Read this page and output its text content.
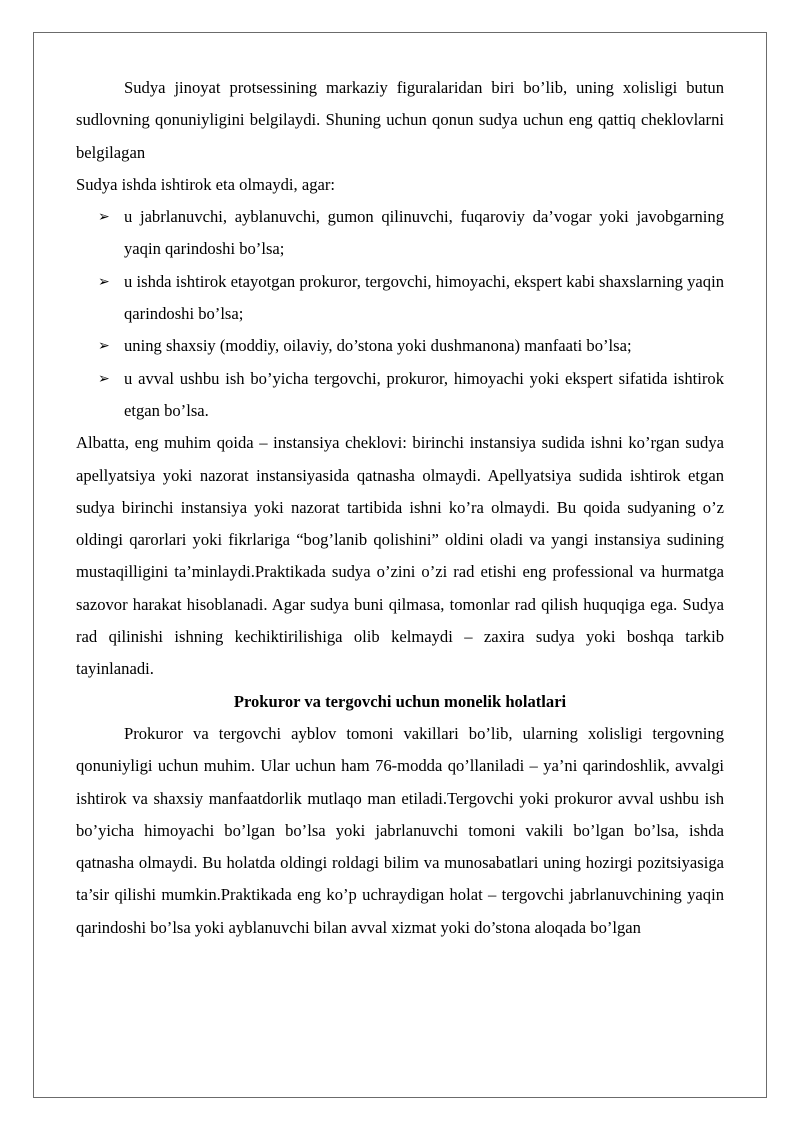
Sudya jinoyat protsessining markaziy figuralaridan biri bo’lib, uning xolisligi butun sudlovning qonuniyligini belgilaydi. Shuning uchun qonun sudya uchun eng qattiq cheklovlarni belgilagan

Sudya ishda ishtirok eta olmaydi, agar:

➢ u jabrlanuvchi, ayblanuvchi, gumon qilinuvchi, fuqaroviy da’vogar yoki javobgarning yaqin qarindoshi bo’lsa;
➢ u ishda ishtirok etayotgan prokuror, tergovchi, himoyachi, ekspert kabi shaxslarning yaqin qarindoshi bo’lsa;
➢ uning shaxsiy (moddiy, oilaviy, do’stona yoki dushmanona) manfaati bo’lsa;
➢ u avval ushbu ish bo’yicha tergovchi, prokuror, himoyachi yoki ekspert sifatida ishtirok etgan bo’lsa.

Albatta, eng muhim qoida – instansiya cheklovi: birinchi instansiya sudida ishni ko’rgan sudya apellyatsiya yoki nazorat instansiyasida qatnasha olmaydi. Apellyatsiya sudida ishtirok etgan sudya birinchi instansiya yoki nazorat tartibida ishni ko’ra olmaydi. Bu qoida sudyaning o’z oldingi qarorlari yoki fikrlariga “bog’lanib qolishini” oldini oladi va yangi instansiya sudining mustaqilligini ta’minlaydi.Praktikada sudya o’zini o’zi rad etishi eng professional va hurmatga sazovor harakat hisoblanadi. Agar sudya buni qilmasa, tomonlar rad qilish huquqiga ega. Sudya rad qilinishi ishning kechiktirilishiga olib kelmaydi – zaxira sudya yoki boshqa tarkib tayinlanadi.

Prokuror va tergovchi uchun monelik holatlari

Prokuror va tergovchi ayblov tomoni vakillari bo’lib, ularning xolisligi tergovning qonuniyligi uchun muhim. Ular uchun ham 76-modda qo’llaniladi – ya’ni qarindoshlik, avvalgi ishtirok va shaxsiy manfaatdorlik mutlaqo man etiladi.Tergovchi yoki prokuror avval ushbu ish bo’yicha himoyachi bo’lgan bo’lsa yoki jabrlanuvchi tomoni vakili bo’lgan bo’lsa, ishda qatnasha olmaydi. Bu holatda oldingi roldagi bilim va munosabatlari uning hozirgi pozitsiyasiga ta’sir qilishi mumkin.Praktikada eng ko’p uchraydigan holat – tergovchi jabrlanuvchining yaqin qarindoshi bo’lsa yoki ayblanuvchi bilan avval xizmat yoki do’stona aloqada bo’lgan
